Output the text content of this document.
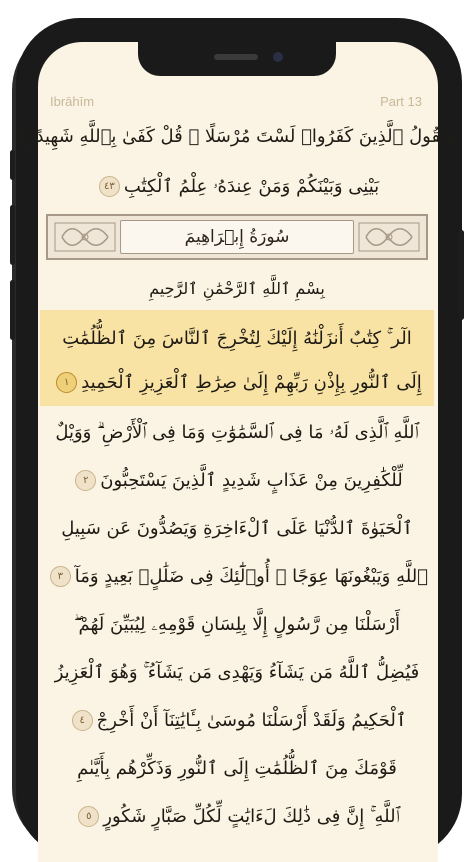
Ibrāhīm	Part 13
وَيَقُولُ ٱلَّذِينَ كَفَرُوا۟ لَسْتَ مُرْسَلًا ۚ قُلْ كَفَىٰ بِٱللَّهِ شَهِيدًۢا
بَيْنِى وَبَيْنَكُمْ وَمَنْ عِندَهُۥ عِلْمُ ٱلْكِتَٰبِ
٤٣
سُورَةُ إِبۡرَاهِيمَ
بِسْمِ ٱللَّهِ ٱلرَّحْمَٰنِ ٱلرَّحِيمِ
الٓر ۚ كِتَٰبٌ أَنزَلْنَٰهُ إِلَيْكَ لِتُخْرِجَ ٱلنَّاسَ مِنَ ٱلظُّلُمَٰتِ
إِلَى ٱلنُّورِ بِإِذْنِ رَبِّهِمْ إِلَىٰ صِرَٰطِ ٱلْعَزِيزِ ٱلْحَمِيدِ
١
ٱللَّهِ ٱلَّذِى لَهُۥ مَا فِى ٱلسَّمَٰوَٰتِ وَمَا فِى ٱلْأَرْضِ ۗ وَوَيْلٌ
لِّلْكَٰفِرِينَ مِنْ عَذَابٍ شَدِيدٍ ٱلَّذِينَ يَسْتَحِبُّونَ
٢
ٱلْحَيَوٰةَ ٱلدُّنْيَا عَلَى ٱلْءَاخِرَةِ وَيَصُدُّونَ عَن سَبِيلِ
ٱللَّهِ وَيَبْغُونَهَا عِوَجًا ۚ أُو۟لَٰٓئِكَ فِى ضَلَٰلٍۭ بَعِيدٍ وَمَآ
٣
أَرْسَلْنَا مِن رَّسُولٍ إِلَّا بِلِسَانِ قَوْمِهِۦ لِيُبَيِّنَ لَهُمْ ۖ
فَيُضِلُّ ٱللَّهُ مَن يَشَآءُ وَيَهْدِى مَن يَشَآءُ ۚ وَهُوَ ٱلْعَزِيزُ
ٱلْحَكِيمُ وَلَقَدْ أَرْسَلْنَا مُوسَىٰ بِـَٔايَٰتِنَآ أَنْ أَخْرِجْ
٤
قَوْمَكَ مِنَ ٱلظُّلُمَٰتِ إِلَى ٱلنُّورِ وَذَكِّرْهُم بِأَيَّىٰمِ
ٱللَّهِ ۚ إِنَّ فِى ذَٰلِكَ لَءَايَٰتٍ لِّكُلِّ صَبَّارٍ شَكُورٍ
٥
